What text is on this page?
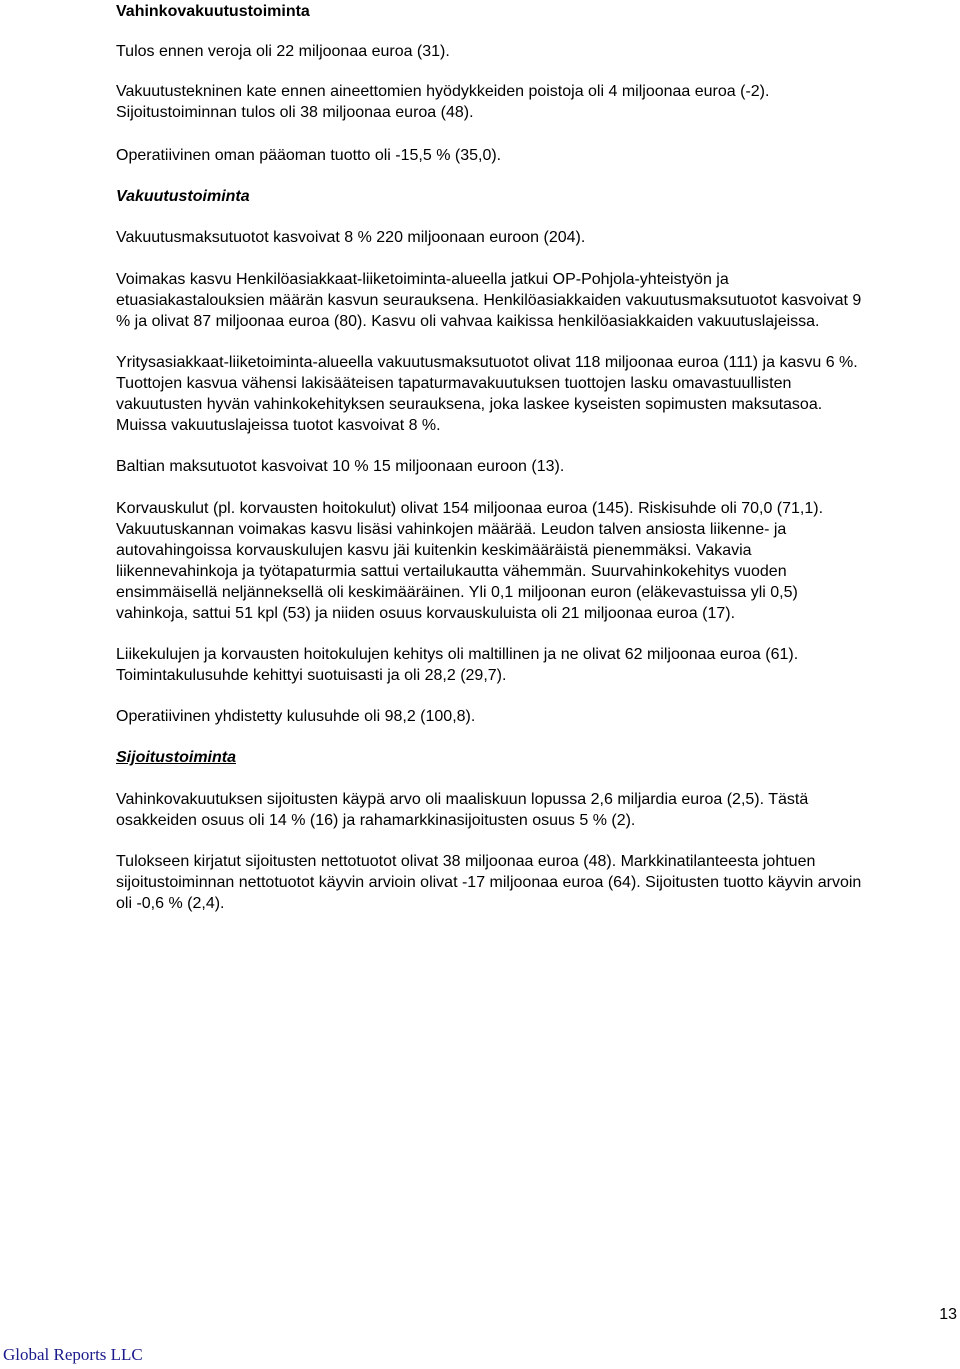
Vahinkovakuutustoiminta
Tulos ennen veroja oli 22 miljoonaa euroa (31).
Vakuutustekninen kate ennen aineettomien hyödykkeiden poistoja oli 4 miljoonaa euroa (-2).
Sijoitustoiminnan tulos oli 38 miljoonaa euroa (48).
Operatiivinen oman pääoman tuotto oli -15,5 % (35,0).
Vakuutustoiminta
Vakuutusmaksutuotot kasvoivat 8 % 220 miljoonaan euroon (204).
Voimakas kasvu Henkilöasiakkaat-liiketoiminta-alueella jatkui OP-Pohjola-yhteistyön ja
etuasiakastalouksien määrän kasvun seurauksena. Henkilöasiakkaiden vakuutusmaksutuotot kasvoivat 9
% ja olivat 87 miljoonaa euroa (80). Kasvu oli vahvaa kaikissa henkilöasiakkaiden vakuutuslajeissa.
Yritysasiakkaat-liiketoiminta-alueella vakuutusmaksutuotot olivat 118 miljoonaa euroa (111) ja kasvu 6 %.
Tuottojen kasvua vähensi lakisääteisen tapaturmavakuutuksen tuottojen lasku omavastuullisten
vakuutusten hyvän vahinkokehityksen seurauksena, joka laskee kyseisten sopimusten maksutasoa.
Muissa vakuutuslajeissa tuotot kasvoivat 8 %.
Baltian maksutuotot kasvoivat 10 % 15 miljoonaan euroon (13).
Korvauskulut (pl. korvausten hoitokulut) olivat 154 miljoonaa euroa (145). Riskisuhde oli 70,0 (71,1).
Vakuutuskannan voimakas kasvu lisäsi vahinkojen määrää. Leudon talven ansiosta liikenne- ja
autovahingoissa korvauskulujen kasvu jäi kuitenkin keskimääräistä pienemmäksi. Vakavia
liikennevahinkoja ja työtapaturmia sattui vertailukautta vähemmän. Suurvahinkokehitys vuoden
ensimmäisellä neljänneksellä oli keskimääräinen. Yli 0,1 miljoonan euron (eläkevastuissa yli 0,5)
vahinkoja, sattui 51 kpl (53) ja niiden osuus korvauskuluista oli 21 miljoonaa euroa (17).
Liikekulujen ja korvausten hoitokulujen kehitys oli maltillinen ja ne olivat 62 miljoonaa euroa (61).
Toimintakulusuhde kehittyi suotuisasti ja oli 28,2 (29,7).
Operatiivinen yhdistetty kulusuhde oli 98,2 (100,8).
Sijoitustoiminta
Vahinkovakuutuksen sijoitusten käypä arvo oli maaliskuun lopussa 2,6 miljardia euroa (2,5). Tästä
osakkeiden osuus oli 14 % (16) ja rahamarkkinasijoitusten osuus 5 % (2).
Tulokseen kirjatut sijoitusten nettotuotot olivat 38 miljoonaa euroa (48). Markkinatilanteesta johtuen
sijoitustoiminnan nettotuotot käyvin arvioin olivat -17 miljoonaa euroa (64). Sijoitusten tuotto käyvin arvoin
oli -0,6 % (2,4).
13
Global Reports LLC
